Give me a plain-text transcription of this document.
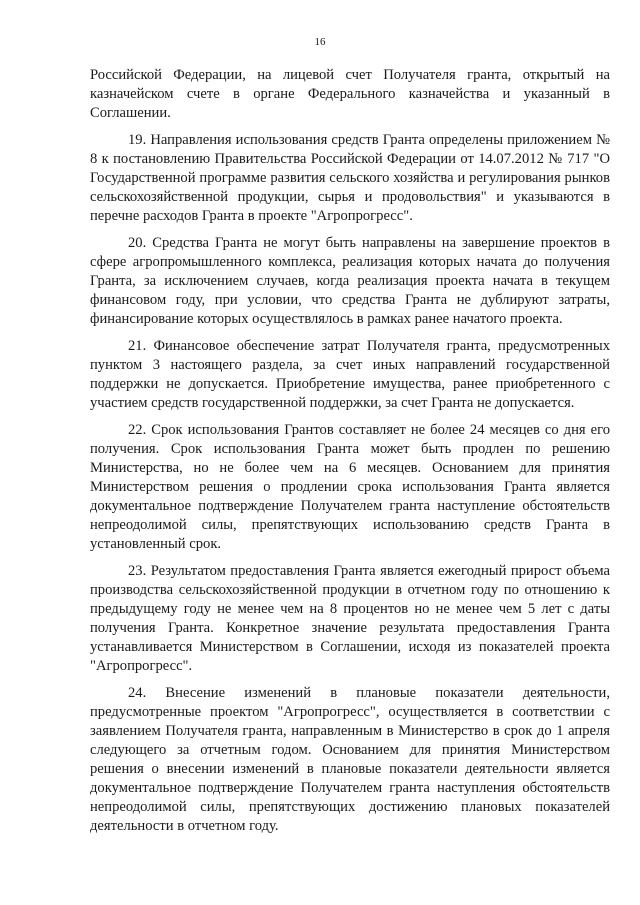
16

Российской Федерации, на лицевой счет Получателя гранта, открытый на казначейском счете в органе Федерального казначейства и указанный в Соглашении.

19. Направления использования средств Гранта определены приложением № 8 к постановлению Правительства Российской Федерации от 14.07.2012 № 717 "О Государственной программе развития сельского хозяйства и регулирования рынков сельскохозяйственной продукции, сырья и продовольствия" и указываются в перечне расходов Гранта в проекте "Агропрогресс".

20. Средства Гранта не могут быть направлены на завершение проектов в сфере агропромышленного комплекса, реализация которых начата до получения Гранта, за исключением случаев, когда реализация проекта начата в текущем финансовом году, при условии, что средства Гранта не дублируют затраты, финансирование которых осуществлялось в рамках ранее начатого проекта.

21. Финансовое обеспечение затрат Получателя гранта, предусмотренных пунктом 3 настоящего раздела, за счет иных направлений государственной поддержки не допускается. Приобретение имущества, ранее приобретенного с участием средств государственной поддержки, за счет Гранта не допускается.

22. Срок использования Грантов составляет не более 24 месяцев со дня его получения. Срок использования Гранта может быть продлен по решению Министерства, но не более чем на 6 месяцев. Основанием для принятия Министерством решения о продлении срока использования Гранта является документальное подтверждение Получателем гранта наступление обстоятельств непреодолимой силы, препятствующих использованию средств Гранта в установленный срок.

23. Результатом предоставления Гранта является ежегодный прирост объема производства сельскохозяйственной продукции в отчетном году по отношению к предыдущему году не менее чем на 8 процентов но не менее чем 5 лет с даты получения Гранта. Конкретное значение результата предоставления Гранта устанавливается Министерством в Соглашении, исходя из показателей проекта "Агропрогресс".

24. Внесение изменений в плановые показатели деятельности, предусмотренные проектом "Агропрогресс", осуществляется в соответствии с заявлением Получателя гранта, направленным в Министерство в срок до 1 апреля следующего за отчетным годом. Основанием для принятия Министерством решения о внесении изменений в плановые показатели деятельности является документальное подтверждение Получателем гранта наступления обстоятельств непреодолимой силы, препятствующих достижению плановых показателей деятельности в отчетном году.
